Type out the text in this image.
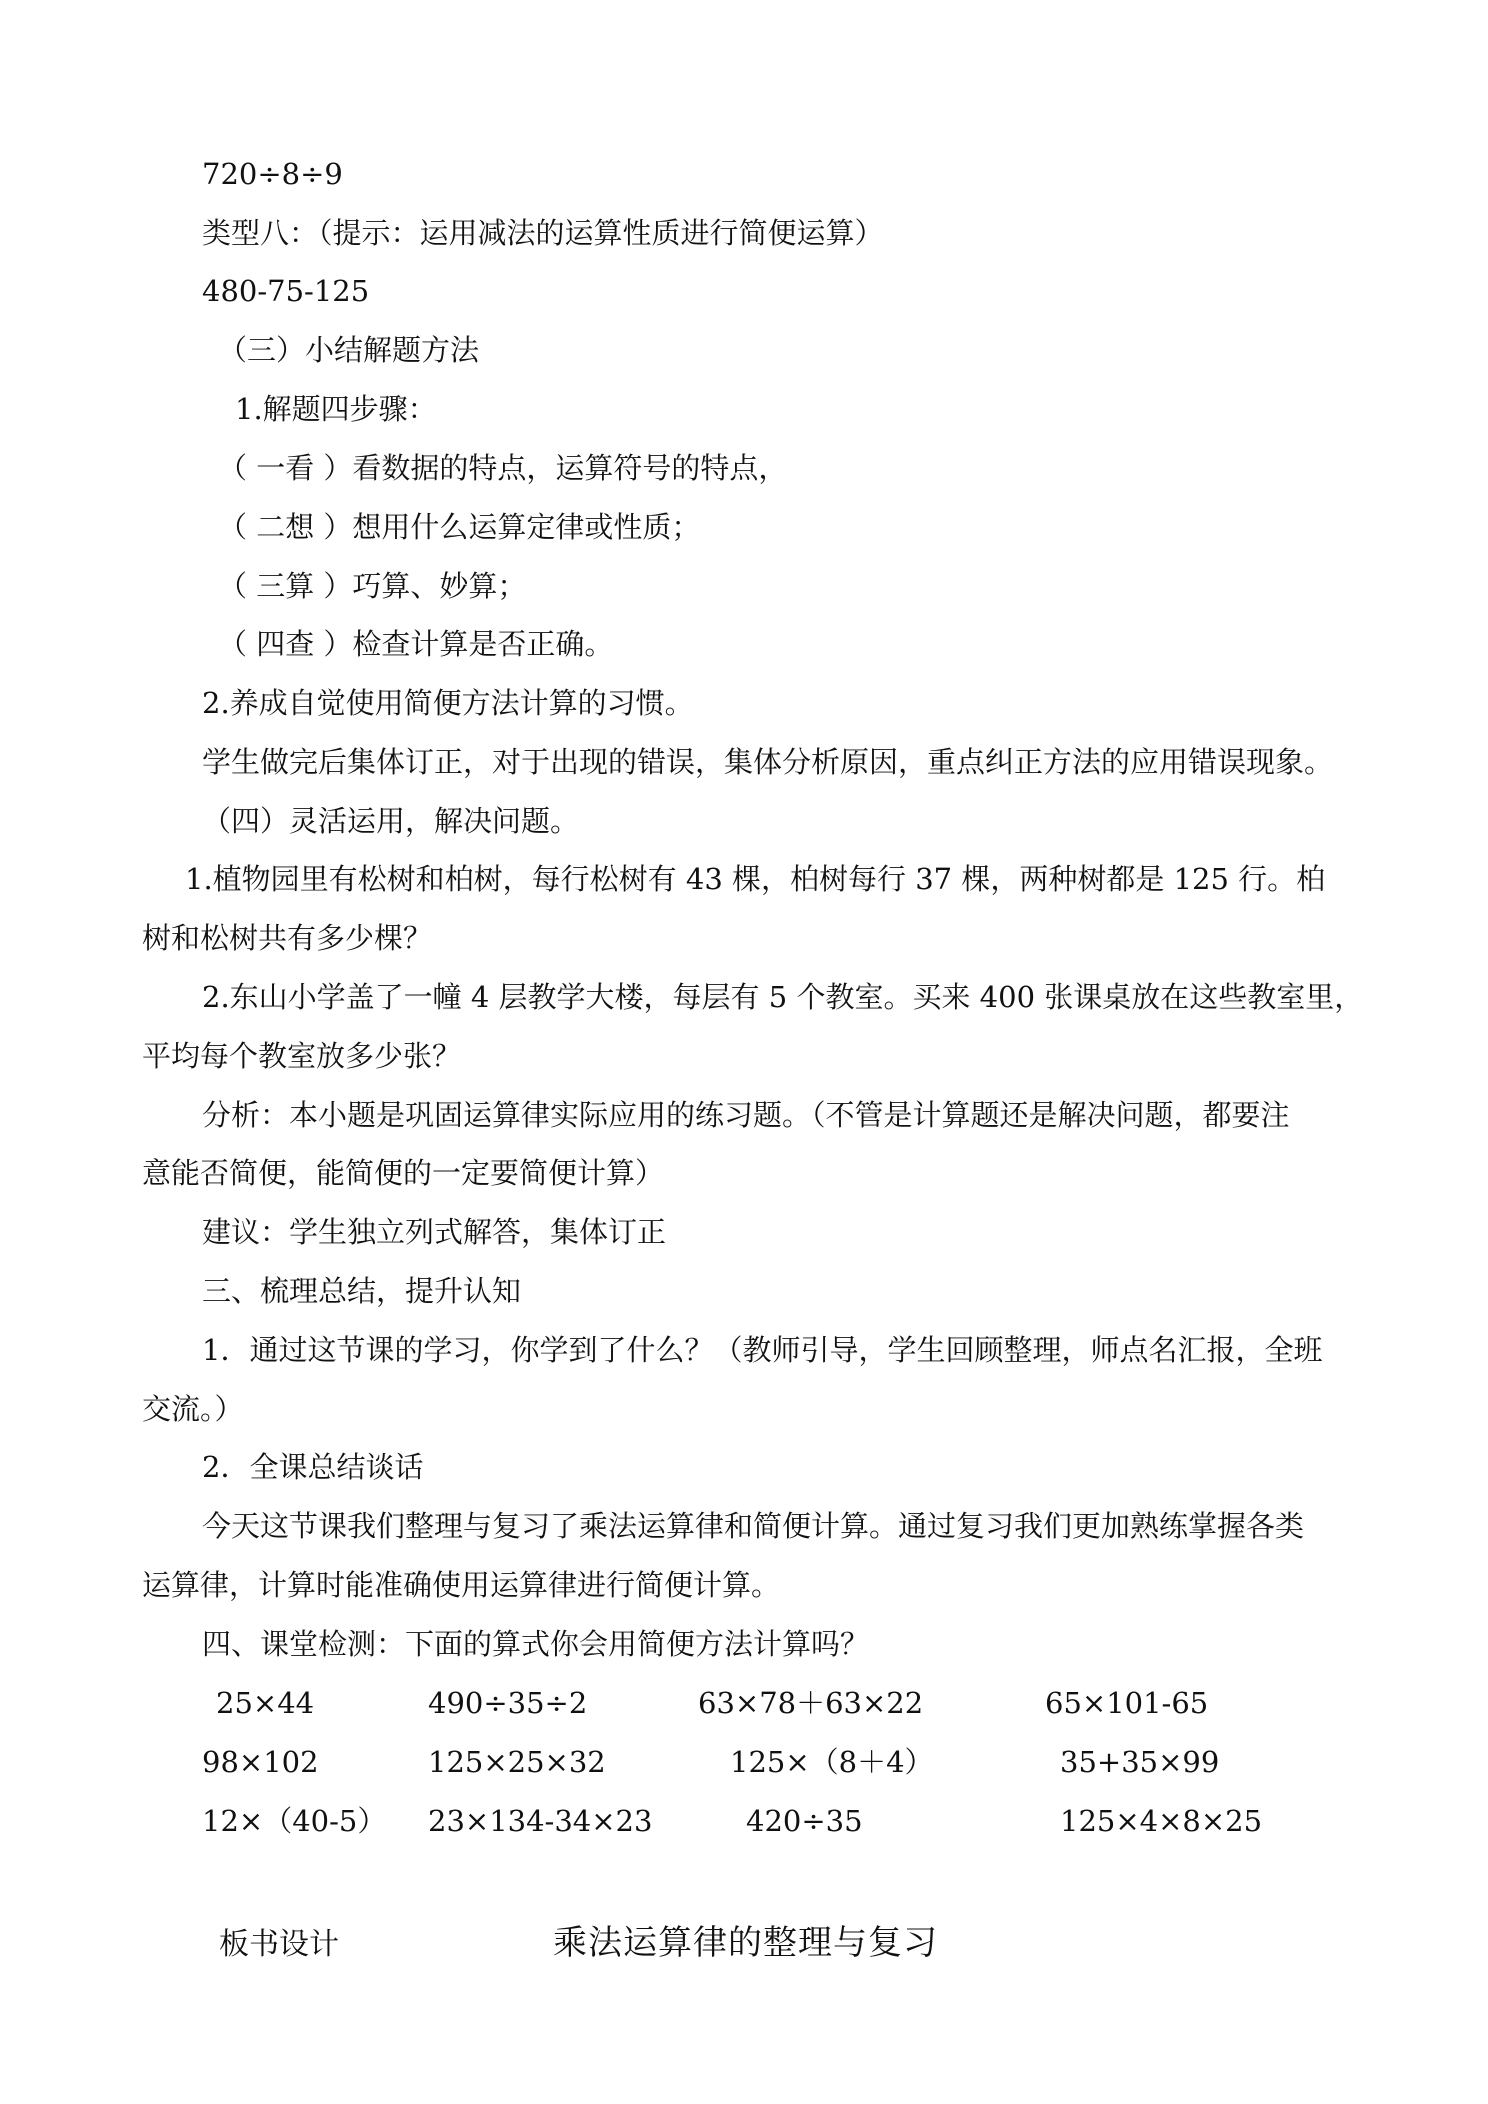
720÷8÷9
类型八：（提示：运用减法的运算性质进行简便运算）
480-75-125
（三）小结解题方法
1.解题四步骤：
（ 一看 ）看数据的特点，运算符号的特点，
（ 二想 ）想用什么运算定律或性质；
（ 三算 ）巧算、妙算；
（ 四查 ）检查计算是否正确。
2.养成自觉使用简便方法计算的习惯。
学生做完后集体订正，对于出现的错误，集体分析原因，重点纠正方法的应用错误现象。
（四）灵活运用，解决问题。
1.植物园里有松树和柏树，每行松树有 43 棵，柏树每行 37 棵，两种树都是 125 行。柏
树和松树共有多少棵？
2.东山小学盖了一幢 4 层教学大楼，每层有 5 个教室。买来 400 张课桌放在这些教室里，
平均每个教室放多少张？
分析：本小题是巩固运算律实际应用的练习题。（不管是计算题还是解决问题，都要注
意能否简便，能简便的一定要简便计算）
建议：学生独立列式解答，集体订正
三、梳理总结，提升认知
1．通过这节课的学习，你学到了什么？（教师引导，学生回顾整理，师点名汇报，全班
交流。）
2．全课总结谈话
今天这节课我们整理与复习了乘法运算律和简便计算。通过复习我们更加熟练掌握各类
运算律，计算时能准确使用运算律进行简便计算。
四、课堂检测：下面的算式你会用简便方法计算吗？
25×44	490÷35÷2	63×78＋63×22	65×101-65
98×102	125×25×32	125×（8＋4）	35+35×99
12×（40-5） 23×134-34×23	420÷35	125×4×8×25
板书设计	乘法运算律的整理与复习
